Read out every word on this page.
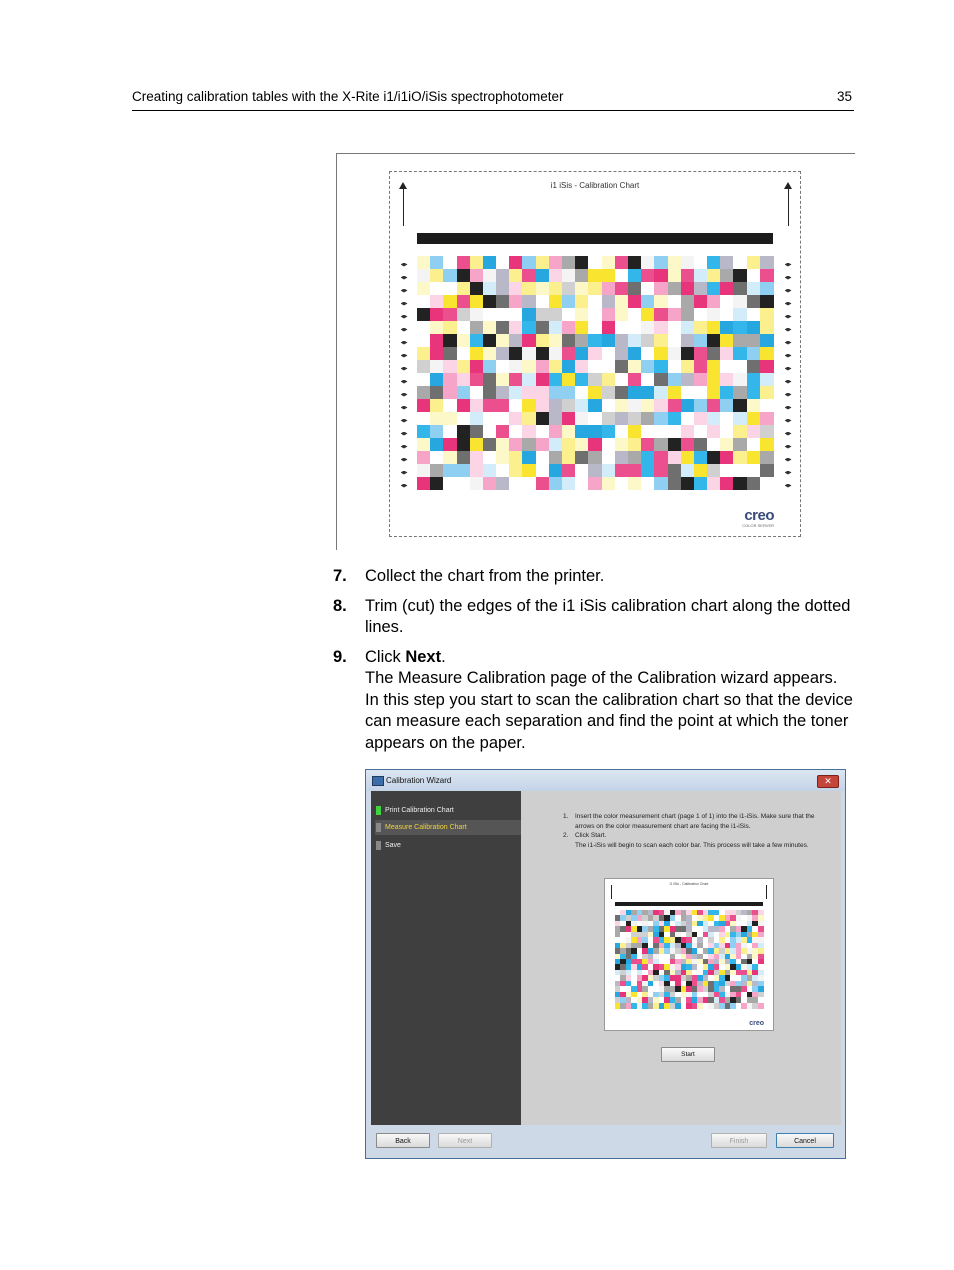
Creating calibration tables with the X-Rite i1/i1iO/iSis spectrophotometer	35
i1 iSis - Calibration Chart
creo
COLOR SERVER
7. Collect the chart from the printer.
8. Trim (cut) the edges of the i1 iSis calibration chart along the dotted lines.
9. Click Next.
The Measure Calibration page of the Calibration wizard appears. In this step you start to scan the calibration chart so that the device can measure each separation and find the point at which the toner appears on the paper.
Calibration Wizard	✕
Print Calibration Chart
Measure Calibration Chart
Save
1. Insert the color measurement chart (page 1 of 1) into the i1-iSis. Make sure that the arrows on the color measurement chart are facing the i1-iSis.
2. Click Start.
The i1-iSis will begin to scan each color bar. This process will take a few minutes.
i1 iSis - Calibration Chart
creo
Start
Back	Next	Finish	Cancel
